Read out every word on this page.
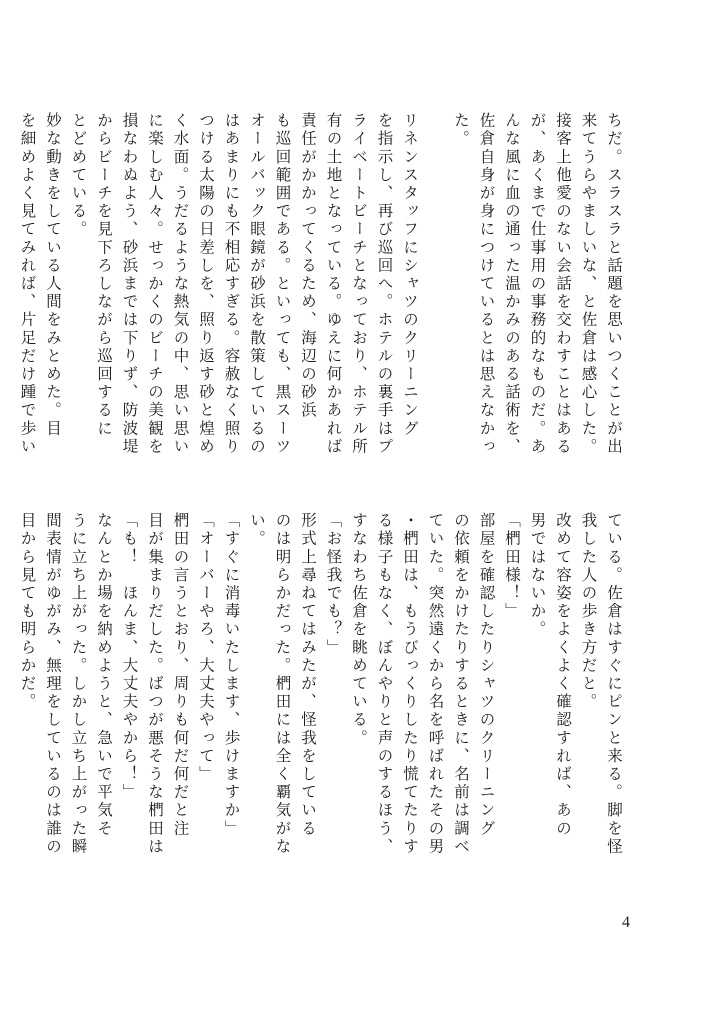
ちだ。スラスラと話題を思いつくことが出
来てうらやましいな、と佐倉は感心した。
接客上他愛のない会話を交わすことはある
が、あくまで仕事用の事務的なものだ。あ
んな風に血の通った温かみのある話術を、
佐倉自身が身につけているとは思えなかっ
た。

リネンスタッフにシャツのクリーニング
を指示し、再び巡回へ。ホテルの裏手はプ
ライベートビーチとなっており、ホテル所
有の土地となっている。ゆえに何かあれば
責任がかかってくるため、海辺の砂浜
も巡回範囲である。といっても、黒スーツ
オールバック眼鏡が砂浜を散策しているの
はあまりにも不相応すぎる。容赦なく照り
つける太陽の日差しを、照り返す砂と煌め
く水面。うだるような熱気の中、思い思い
に楽しむ人々。せっかくのビーチの美観を
損なわぬよう、砂浜までは下りず、防波堤
からビーチを見下ろしながら巡回するに
とどめている。
妙な動きをしている人間をみとめた。目
を細めよく見てみれば、片足だけ踵で歩い
ている。佐倉はすぐにピンと来る。脚を怪
我した人の歩き方だと。
改めて容姿をよくよく確認すれば、あの
男ではないか。
「椚田様！」
部屋を確認したりシャツのクリーニング
の依頼をかけたりするときに、名前は調べ
ていた。突然遠くから名を呼ばれたその男
・椚田は、もうびっくりしたり慌てたりす
る様子もなく、ぼんやりと声のするほう、
すなわち佐倉を眺めている。
「お怪我でも？」
形式上尋ねてはみたが、怪我をしている
のは明らかだった。椚田には全く覇気がな
い。
「すぐに消毒いたします、歩けますか」
「オーバーやろ、大丈夫やって」
椚田の言うとおり、周りも何だ何だと注
目が集まりだした。ばつが悪そうな椚田は
「も！　ほんま、大丈夫やから！」
なんとか場を納めようと、急いで平気そ
うに立ち上がった。しかし立ち上がった瞬
間表情がゆがみ、無理をしているのは誰の
目から見ても明らかだ。
4
